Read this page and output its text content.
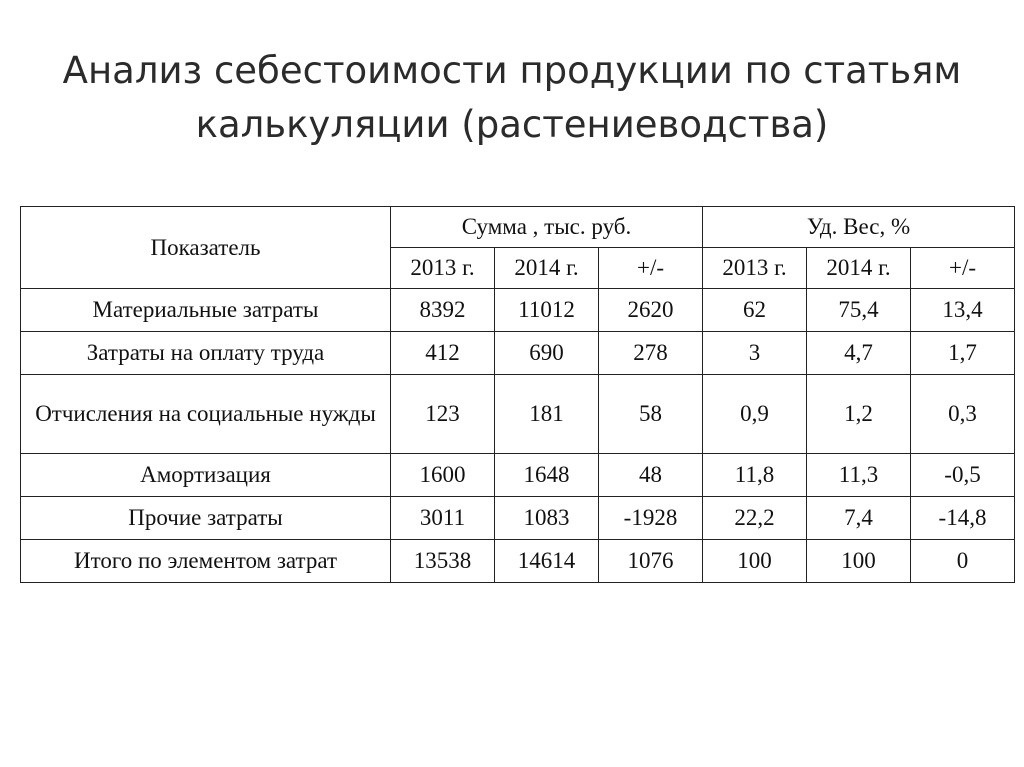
Анализ себестоимости продукции по статьям
калькуляции (растениеводства)
Показатель	Сумма , тыс. руб.			Уд. Вес, %		
	2013 г.	2014 г.	+/-	2013 г.	2014 г.	+/-
Материальные затраты	8392	11012	2620	62	75,4	13,4
Затраты на оплату труда	412	690	278	3	4,7	1,7
Отчисления на социальные нужды	123	181	58	0,9	1,2	0,3
Амортизация	1600	1648	48	11,8	11,3	-0,5
Прочие затраты	3011	1083	-1928	22,2	7,4	-14,8
Итого по элементом затрат	13538	14614	1076	100	100	0
